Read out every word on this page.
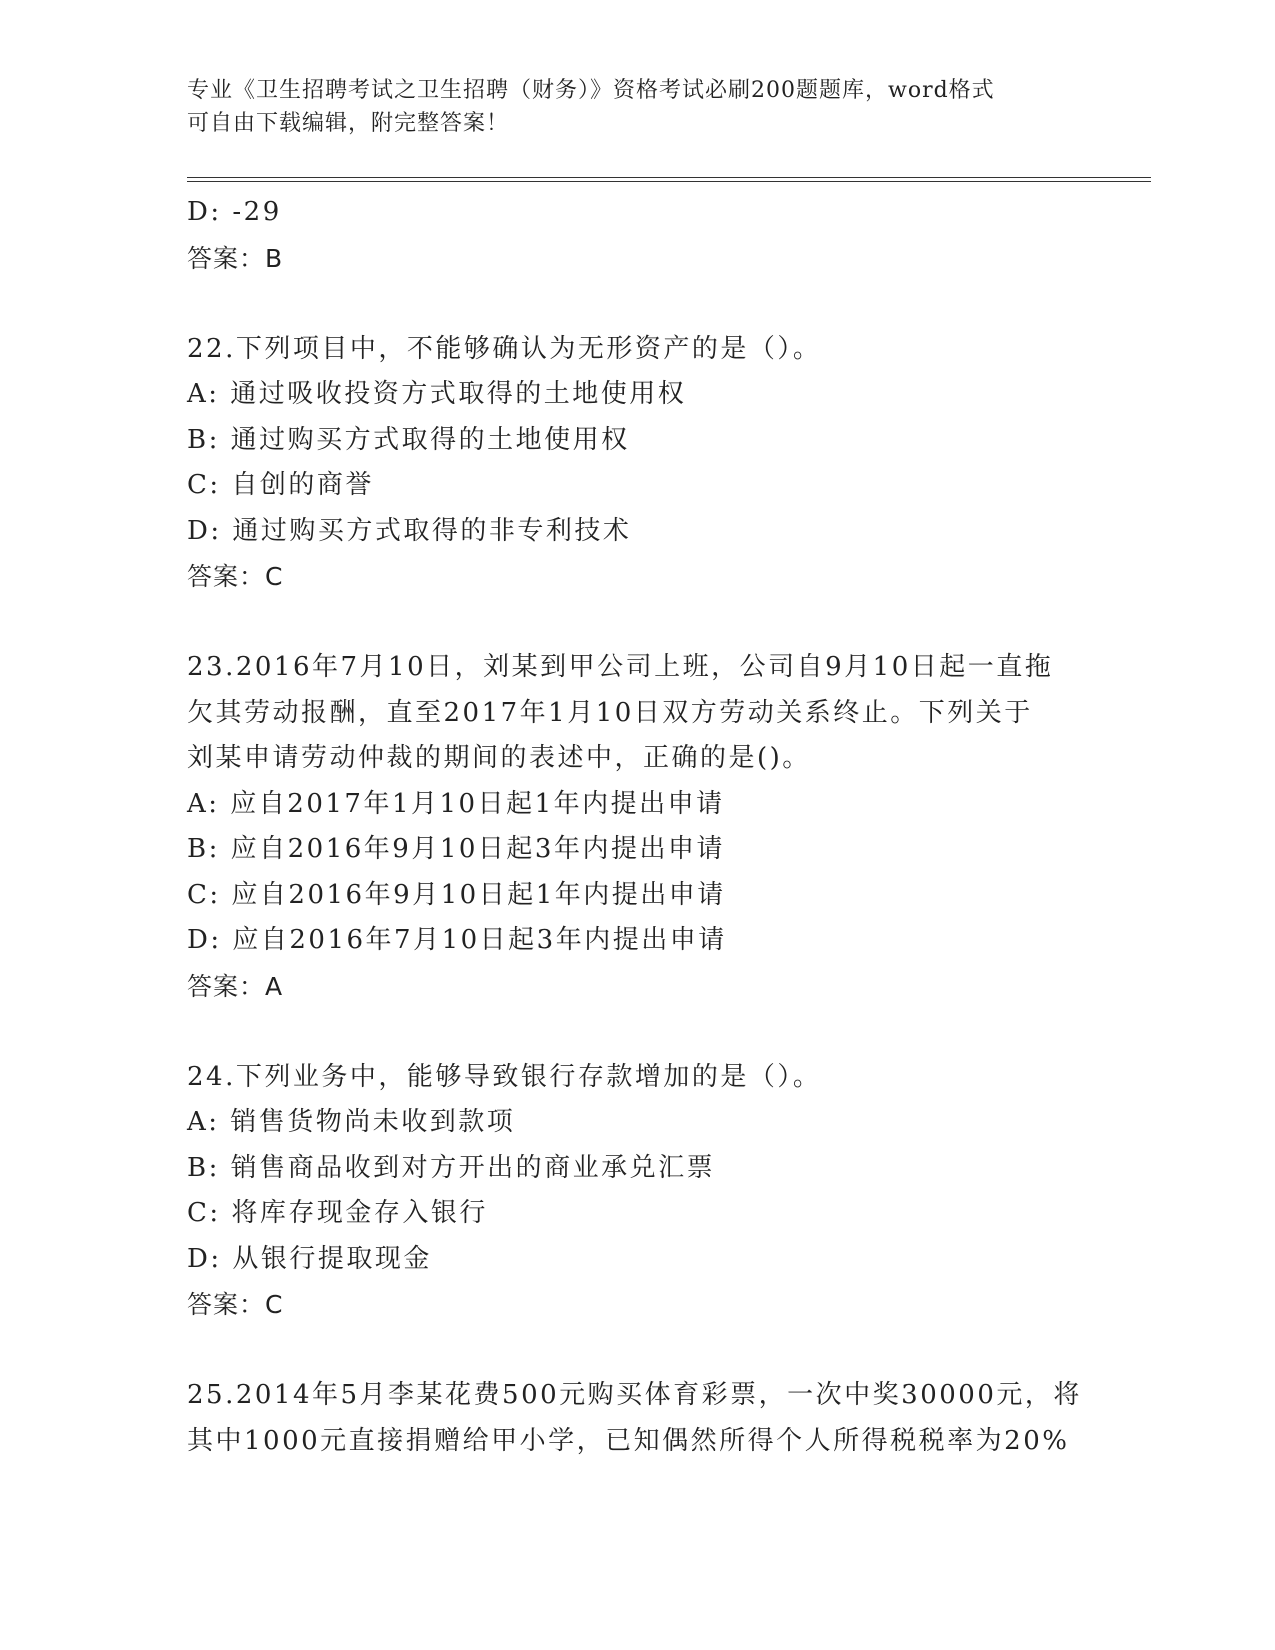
专业《卫生招聘考试之卫生招聘（财务）》资格考试必刷200题题库，word格式
可自由下载编辑，附完整答案！
D: -29
答案：B
22.下列项目中，不能够确认为无形资产的是（）。
A: 通过吸收投资方式取得的土地使用权
B: 通过购买方式取得的土地使用权
C: 自创的商誉
D: 通过购买方式取得的非专利技术
答案：C
23.2016年7月10日，刘某到甲公司上班，公司自9月10日起一直拖
欠其劳动报酬，直至2017年1月10日双方劳动关系终止。下列关于
刘某申请劳动仲裁的期间的表述中，正确的是()。
A: 应自2017年1月10日起1年内提出申请
B: 应自2016年9月10日起3年内提出申请
C: 应自2016年9月10日起1年内提出申请
D: 应自2016年7月10日起3年内提出申请
答案：A
24.下列业务中，能够导致银行存款增加的是（）。
A: 销售货物尚未收到款项
B: 销售商品收到对方开出的商业承兑汇票
C: 将库存现金存入银行
D: 从银行提取现金
答案：C
25.2014年5月李某花费500元购买体育彩票，一次中奖30000元，将
其中1000元直接捐赠给甲小学，已知偶然所得个人所得税税率为20%
